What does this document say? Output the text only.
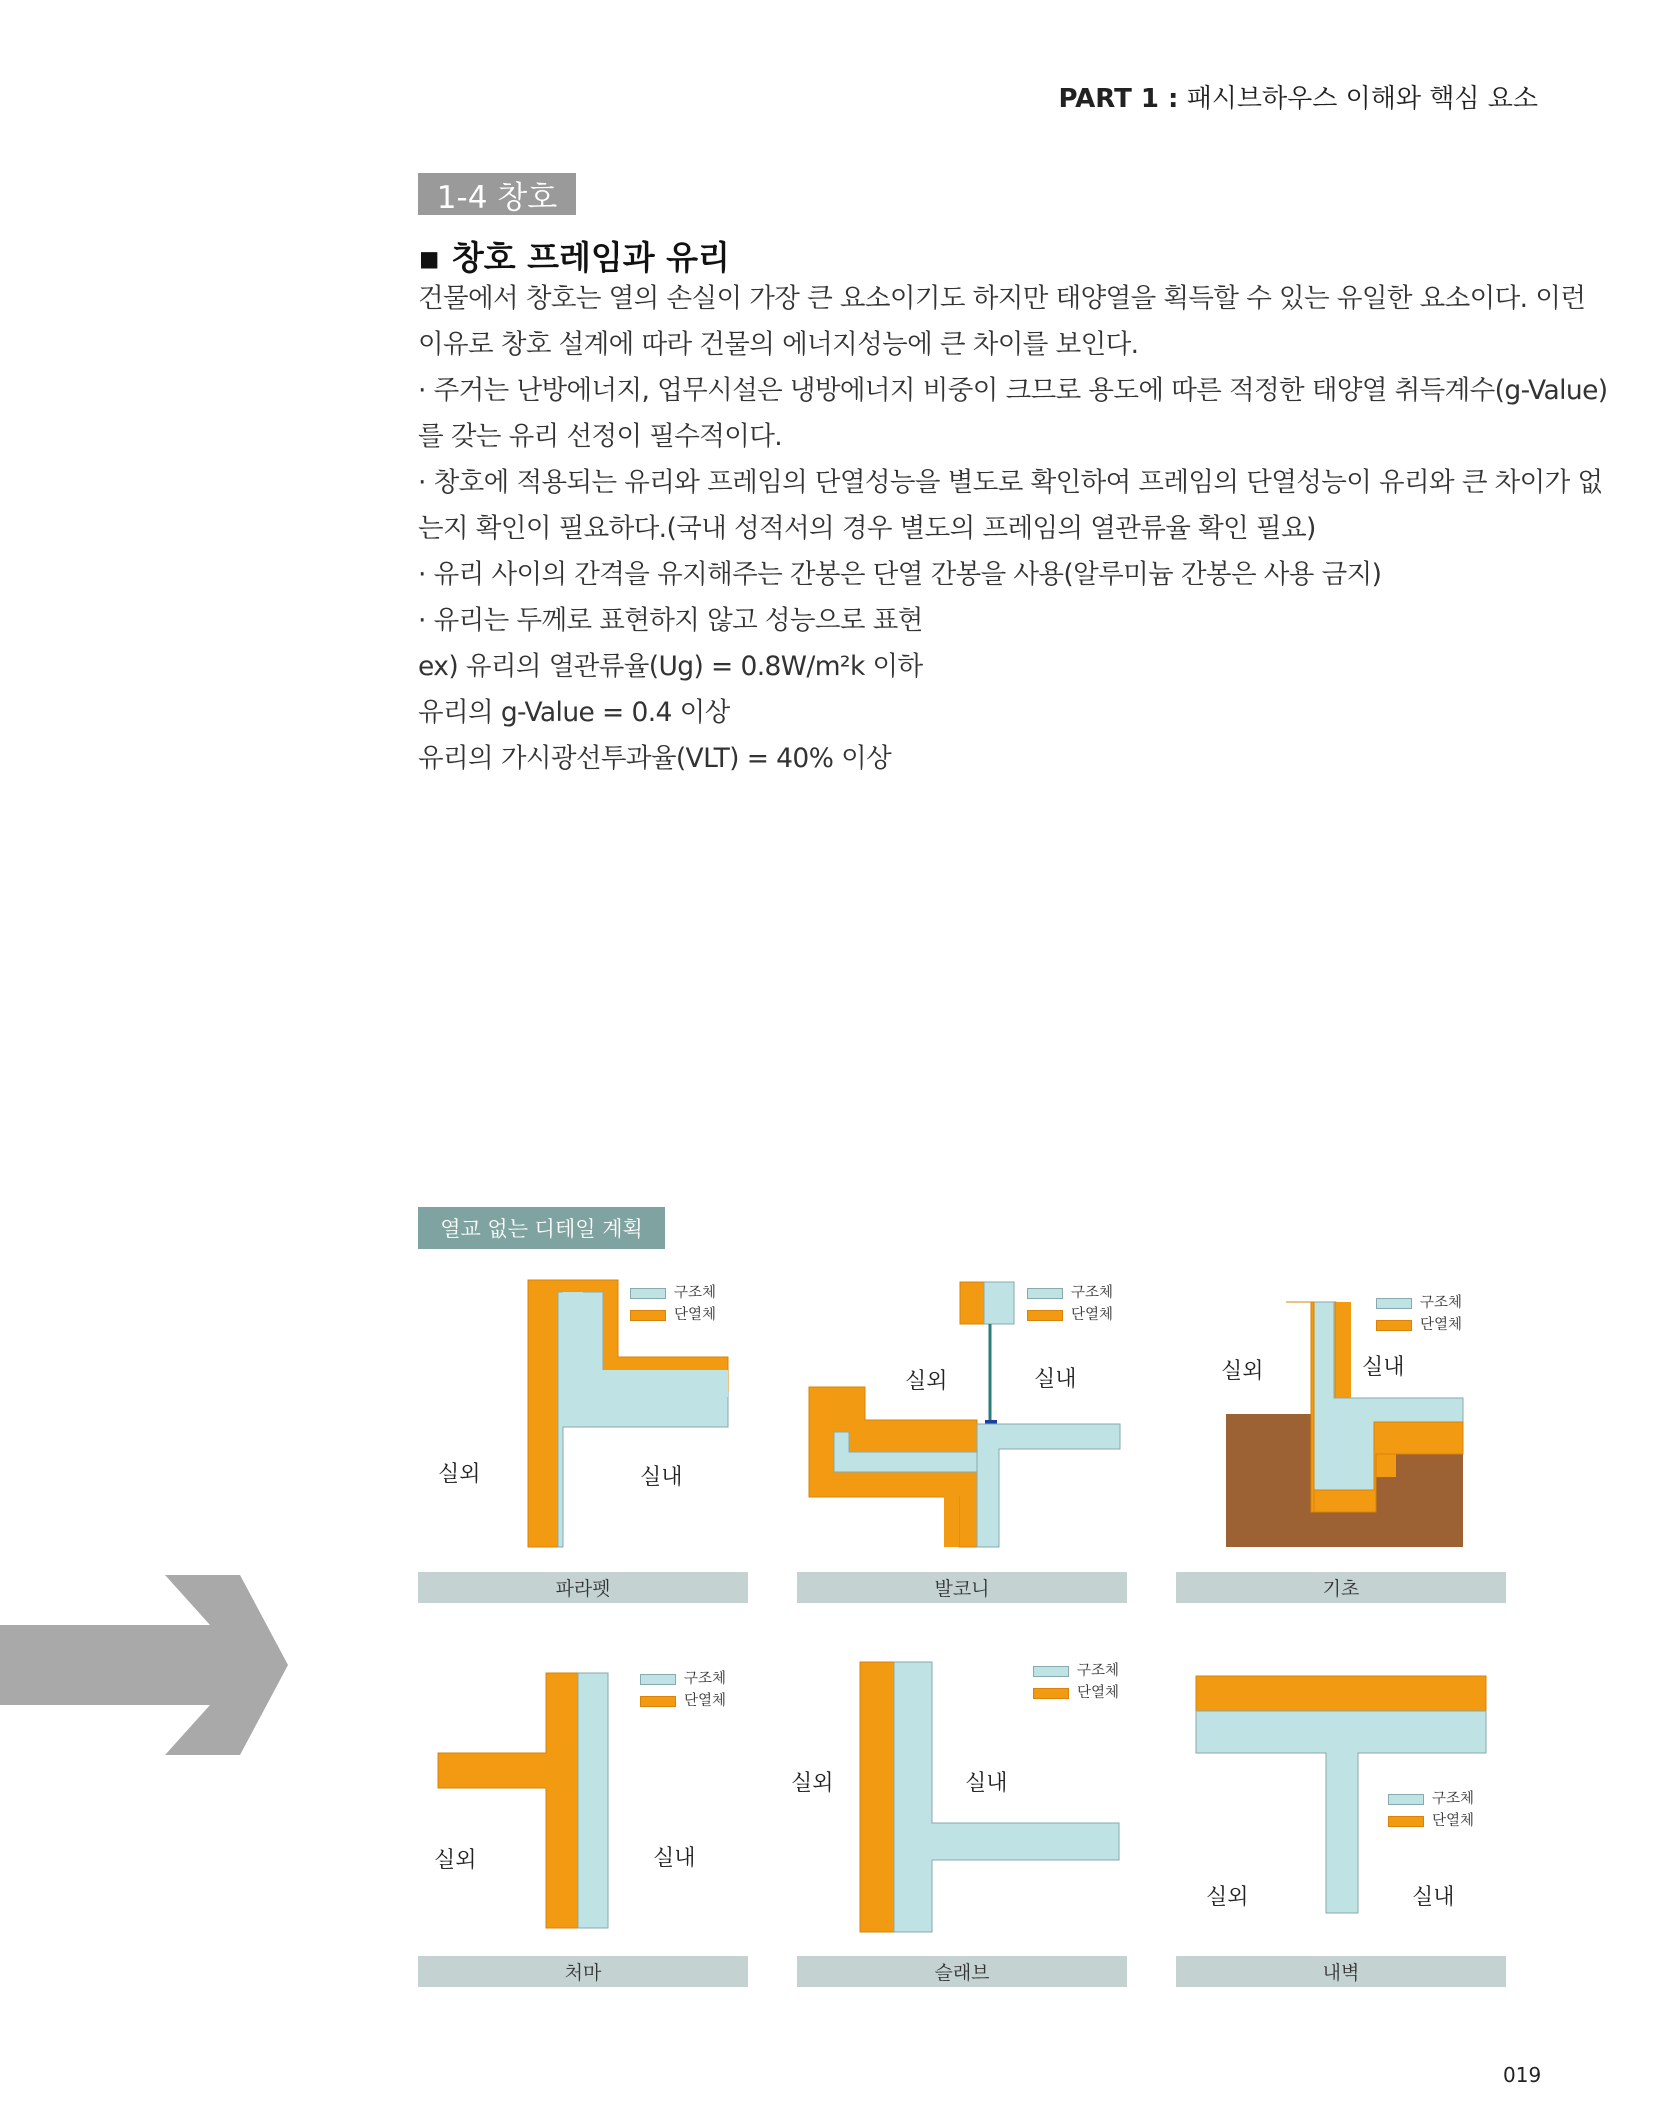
PART 1 : 패시브하우스 이해와 핵심 요소
1-4 창호
▪ 창호 프레임과 유리
건물에서 창호는 열의 손실이 가장 큰 요소이기도 하지만 태양열을 획득할 수 있는 유일한 요소이다. 이런
이유로 창호 설계에 따라 건물의 에너지성능에 큰 차이를 보인다.
· 주거는 난방에너지, 업무시설은 냉방에너지 비중이 크므로 용도에 따른 적정한 태양열 취득계수(g-Value)
를 갖는 유리 선정이 필수적이다.
· 창호에 적용되는 유리와 프레임의 단열성능을 별도로 확인하여 프레임의 단열성능이 유리와 큰 차이가 없
는지 확인이 필요하다.(국내 성적서의 경우 별도의 프레임의 열관류율 확인 필요)
· 유리 사이의 간격을 유지해주는 간봉은 단열 간봉을 사용(알루미늄 간봉은 사용 금지)
· 유리는 두께로 표현하지 않고 성능으로 표현
ex) 유리의 열관류율(Ug) = 0.8W/m²k 이하
유리의 g-Value = 0.4 이상
유리의 가시광선투과율(VLT) = 40% 이상
열교 없는 디테일 계획
구조체
단열체
실외	실내
파라펫
구조체
단열체
실외	실내
발코니
구조체
단열체
실외	실내
기초
구조체
단열체
실외	실내
처마
구조체
단열체
실외	실내
슬래브
구조체
단열체
실외	실내
내벽
019
